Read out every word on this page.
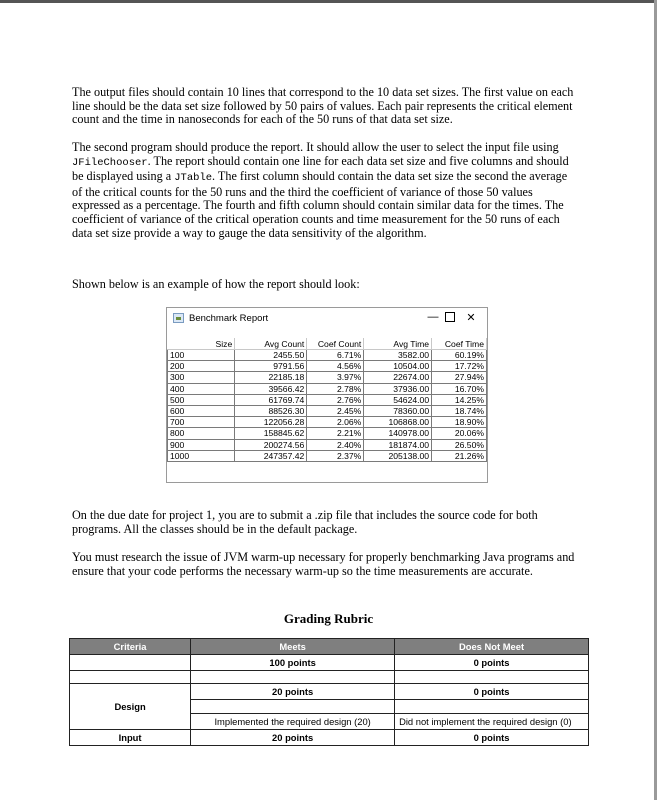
The output files should contain 10 lines that correspond to the 10 data set sizes. The first value on each line should be the data set size followed by 50 pairs of values. Each pair represents the critical element count and the time in nanoseconds for each of the 50 runs of that data set size.

The second program should produce the report. It should allow the user to select the input file using JFileChooser. The report should contain one line for each data set size and five columns and should be displayed using a JTable. The first column should contain the data set size the second the average of the critical counts for the 50 runs and the third the coefficient of variance of those 50 values expressed as a percentage. The fourth and fifth column should contain similar data for the times. The coefficient of variance of the critical operation counts and time measurement for the 50 runs of each data set size provide a way to gauge the data sensitivity of the algorithm.

Shown below is an example of how the report should look:

Benchmark Report	—	✕
Size	Avg Count	Coef Count	Avg Time	Coef Time
100	2455.50	6.71%	3582.00	60.19%
200	9791.56	4.56%	10504.00	17.72%
300	22185.18	3.97%	22674.00	27.94%
400	39566.42	2.78%	37936.00	16.70%
500	61769.74	2.76%	54624.00	14.25%
600	88526.30	2.45%	78360.00	18.74%
700	122056.28	2.06%	106868.00	18.90%
800	158845.62	2.21%	140978.00	20.06%
900	200274.56	2.40%	181874.00	26.50%
1000	247357.42	2.37%	205138.00	21.26%

On the due date for project 1, you are to submit a .zip file that includes the source code for both programs. All the classes should be in the default package.

You must research the issue of JVM warm-up necessary for properly benchmarking Java programs and ensure that your code performs the necessary warm-up so the time measurements are accurate.

Grading Rubric
Criteria	Meets	Does Not Meet
	100 points	0 points

Design	20 points	0 points

	Implemented the required design (20)	Did not implement the required design (0)
Input	20 points	0 points
